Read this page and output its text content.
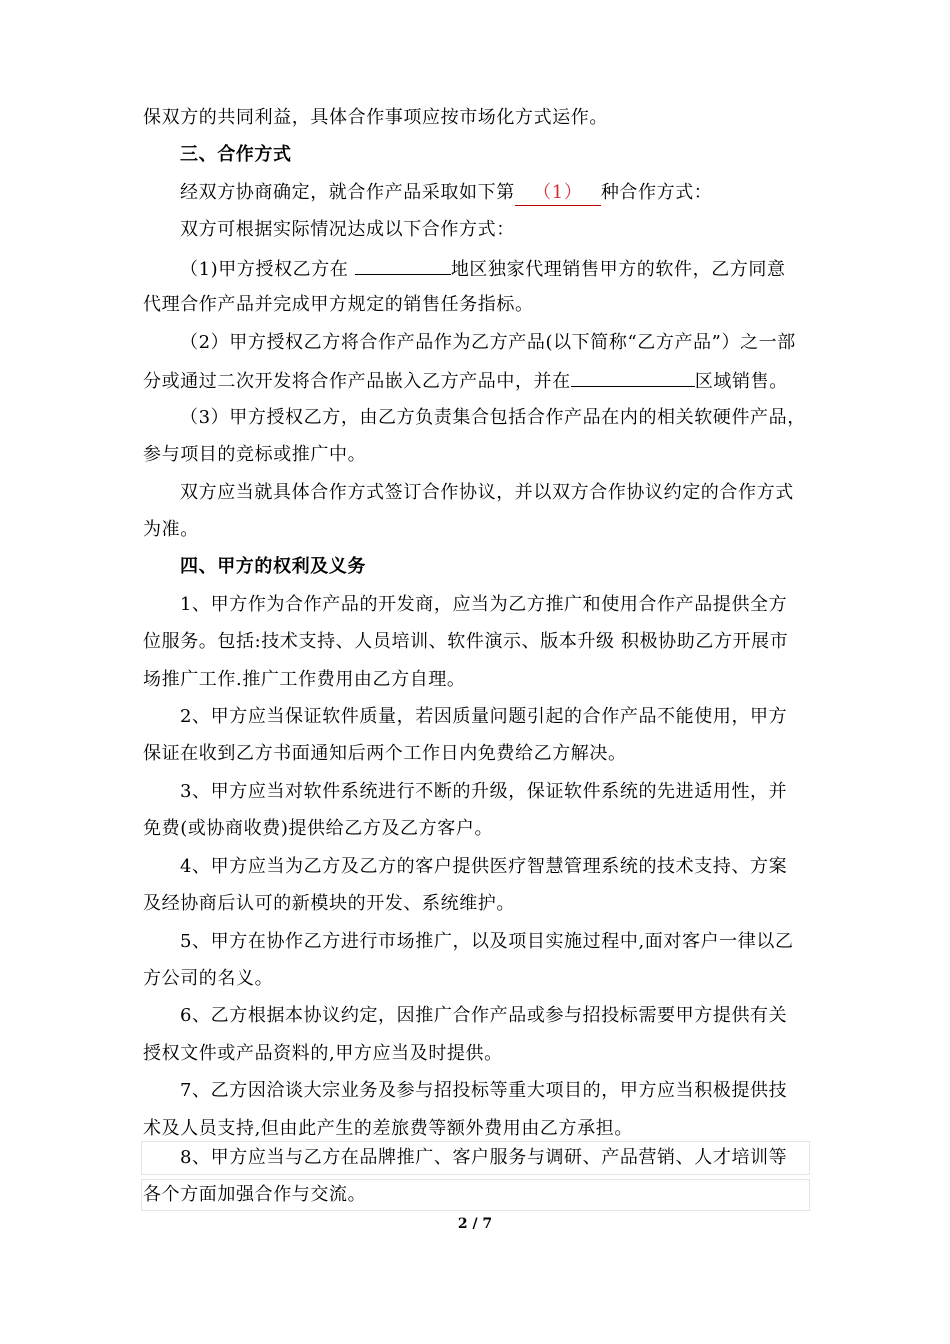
保双方的共同利益，具体合作事项应按市场化方式运作。
三、合作方式
经双方协商确定，就合作产品采取如下第 （1） 种合作方式：
双方可根据实际情况达成以下合作方式：
（1)甲方授权乙方在	地区独家代理销售甲方的软件，乙方同意
代理合作产品并完成甲方规定的销售任务指标。
（2）甲方授权乙方将合作产品作为乙方产品(以下简称“乙方产品”）之一部
分或通过二次开发将合作产品嵌入乙方产品中，并在	区域销售。
（3）甲方授权乙方，由乙方负责集合包括合作产品在内的相关软硬件产品，
参与项目的竞标或推广中。
双方应当就具体合作方式签订合作协议，并以双方合作协议约定的合作方式
为准。
四、甲方的权利及义务
1、甲方作为合作产品的开发商，应当为乙方推广和使用合作产品提供全方
位服务。包括:技术支持、人员培训、软件演示、版本升级 积极协助乙方开展市
场推广工作.推广工作费用由乙方自理。
2、甲方应当保证软件质量，若因质量问题引起的合作产品不能使用，甲方
保证在收到乙方书面通知后两个工作日内免费给乙方解决。
3、甲方应当对软件系统进行不断的升级，保证软件系统的先进适用性，并
免费(或协商收费)提供给乙方及乙方客户。
4、甲方应当为乙方及乙方的客户提供医疗智慧管理系统的技术支持、方案
及经协商后认可的新模块的开发、系统维护。
5、甲方在协作乙方进行市场推广，以及项目实施过程中,面对客户一律以乙
方公司的名义。
6、乙方根据本协议约定，因推广合作产品或参与招投标需要甲方提供有关
授权文件或产品资料的,甲方应当及时提供。
7、乙方因洽谈大宗业务及参与招投标等重大项目的，甲方应当积极提供技
术及人员支持,但由此产生的差旅费等额外费用由乙方承担。
8、甲方应当与乙方在品牌推广、客户服务与调研、产品营销、人才培训等
各个方面加强合作与交流。
2 / 7
